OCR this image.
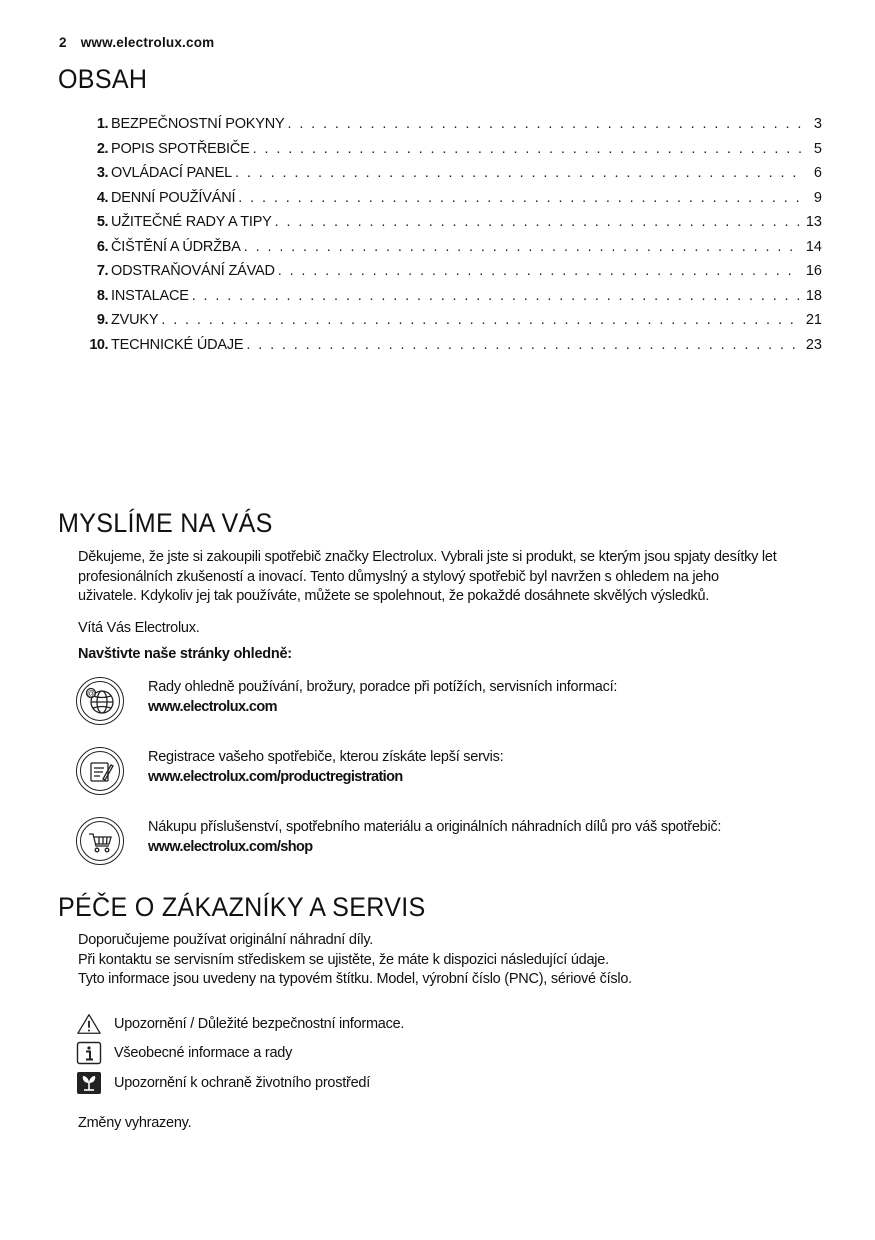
2 www.electrolux.com
OBSAH
1. BEZPEČNOSTNÍ POKYNY . . .	3
2. POPIS SPOTŘEBIČE . . .	5
3. OVLÁDACÍ PANEL . . .	6
4. DENNÍ POUŽÍVÁNÍ . . .	9
5. UŽITEČNÉ RADY A TIPY . . .	13
6. ČIŠTĚNÍ A ÚDRŽBA . . .	14
7. ODSTRAŇOVÁNÍ ZÁVAD . . .	16
8. INSTALACE . . .	18
9. ZVUKY . . .	21
10. TECHNICKÉ ÚDAJE . . .	23
MYSLÍME NA VÁS

Děkujeme, že jste si zakoupili spotřebič značky Electrolux. Vybrali jste si produkt, se kterým jsou spjaty desítky let
profesionálních zkušeností a inovací. Tento důmyslný a stylový spotřebič byl navržen s ohledem na jeho
uživatele. Kdykoliv jej tak používáte, můžete se spolehnout, že pokaždé dosáhnete skvělých výsledků.

Vítá Vás Electrolux.

Navštivte naše stránky ohledně:

@	Rady ohledně používání, brožury, poradce při potížích, servisních informací:
www.electrolux.com
Registrace vašeho spotřebiče, kterou získáte lepší servis:
www.electrolux.com/productregistration
Nákupu příslušenství, spotřebního materiálu a originálních náhradních dílů pro váš spotřebič:
www.electrolux.com/shop
PÉČE O ZÁKAZNÍKY A SERVIS

Doporučujeme používat originální náhradní díly.
Při kontaktu se servisním střediskem se ujistěte, že máte k dispozici následující údaje.
Tyto informace jsou uvedeny na typovém štítku. Model, výrobní číslo (PNC), sériové číslo.

Upozornění / Důležité bezpečnostní informace.
Všeobecné informace a rady
Upozornění k ochraně životního prostředí

Změny vyhrazeny.
